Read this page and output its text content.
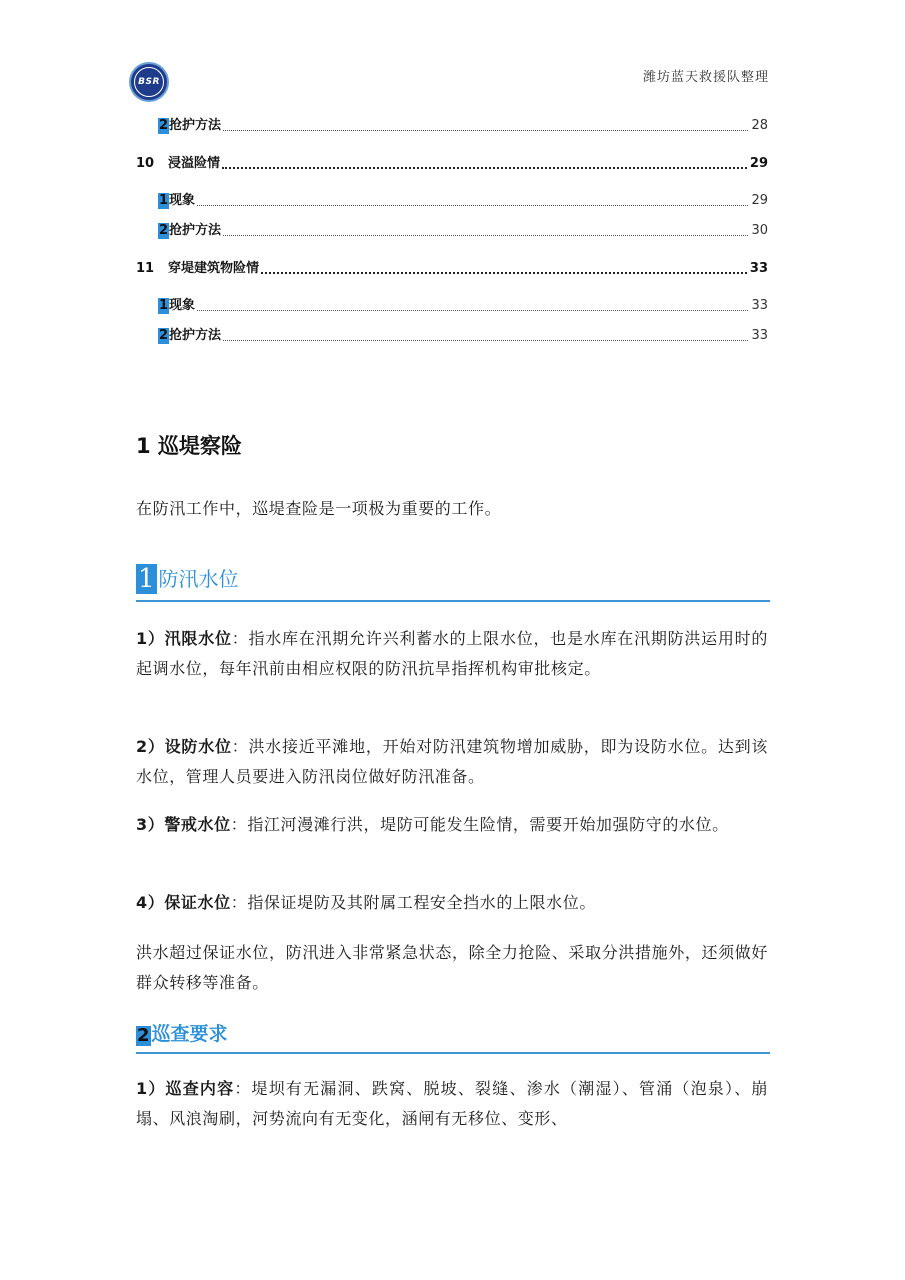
BSR	潍坊蓝天救援队整理
2 抢护方法	28
10	浸溢险情	29
1 现象	29
2 抢护方法	30
11	穿堤建筑物险情	33
1 现象	33
2 抢护方法	33
1 巡堤察险
在防汛工作中，巡堤查险是一项极为重要的工作。
1 防汛水位
1）汛限水位：指水库在汛期允许兴利蓄水的上限水位，也是水库在汛期防洪运用时的起调水位，每年汛前由相应权限的防汛抗旱指挥机构审批核定。
2）设防水位：洪水接近平滩地，开始对防汛建筑物增加威胁，即为设防水位。达到该水位，管理人员要进入防汛岗位做好防汛准备。
3）警戒水位：指江河漫滩行洪，堤防可能发生险情，需要开始加强防守的水位。
4）保证水位：指保证堤防及其附属工程安全挡水的上限水位。
洪水超过保证水位，防汛进入非常紧急状态，除全力抢险、采取分洪措施外，还须做好群众转移等准备。
2 巡查要求
1）巡查内容：堤坝有无漏洞、跌窝、脱坡、裂缝、渗水（潮湿）、管涌（泡泉）、崩塌、风浪淘刷，河势流向有无变化，涵闸有无移位、变形、
